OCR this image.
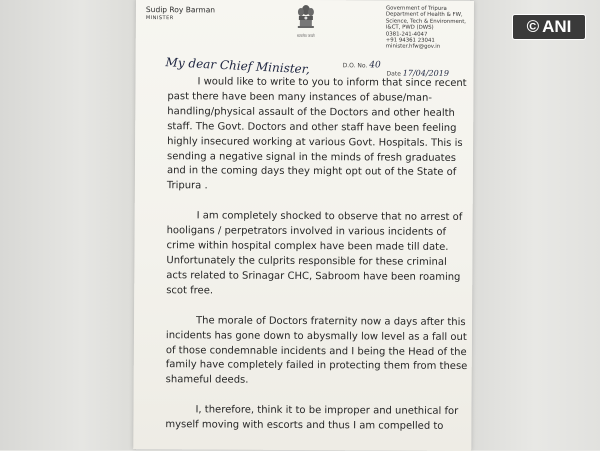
Sudip Roy Barman
MINISTER
सत्यमेव जयते
Government of Tripura
Department of Health & FW,
Science, Tech & Environment,
I&CT, PWD (DWS)
0381-241-4047
+91 94361 23041
minister.hfw@gov.in
D.O. No. 40
Date 17/04/2019
My dear Chief Minister,
I would like to write to you to inform that since recent
past there have been many instances of abuse/man-
handling/physical assault of the Doctors and other health
staff. The Govt. Doctors and other staff have been feeling
highly insecured working at various Govt. Hospitals. This is
sending a negative signal in the minds of fresh graduates
and in the coming days they might opt out of the State of
Tripura .
I am completely shocked to observe that no arrest of
hooligans / perpetrators involved in various incidents of
crime within hospital complex have been made till date.
Unfortunately the culprits responsible for these criminal
acts related to Srinagar CHC, Sabroom have been roaming
scot free.
The morale of Doctors fraternity now a days after this
incidents has gone down to abysmally low level as a fall out
of those condemnable incidents and I being the Head of the
family have completely failed in protecting them from these
shameful deeds.
I, therefore, think it to be improper and unethical for
myself moving with escorts and thus I am compelled to
© ANI
